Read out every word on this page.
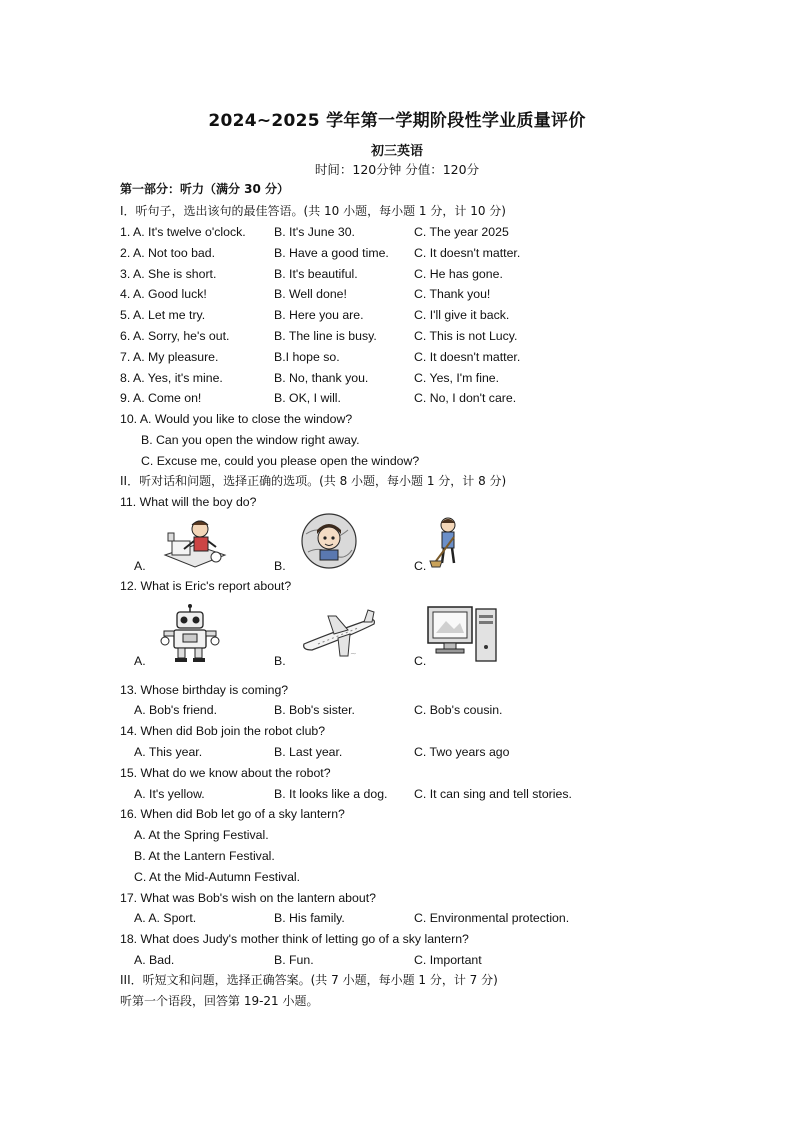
2024~2025 学年第一学期阶段性学业质量评价
初三英语
时间：120分钟 分值：120分
第一部分：听力（满分 30 分）
I．听句子，选出该句的最佳答语。(共 10 小题，每小题 1 分，计 10 分)
1. A. It's twelve o'clock. B. It's June 30.	C. The year 2025
2. A. Not too bad.	B. Have a good time. C. It doesn't matter.
3. A. She is short.	B. It's beautiful.	C. He has gone.
4. A. Good luck!	B. Well done!	C. Thank you!
5. A. Let me try.	B. Here you are.	C. I'll give it back.
6. A. Sorry, he's out.	B. The line is busy.	C. This is not Lucy.
7. A. My pleasure.	B.I hope so.	C. It doesn't matter.
8. A. Yes, it's mine.	B. No, thank you.	C. Yes, I'm fine.
9. A. Come on!	B. OK, I will.	C. No, I don't care.
10. A. Would you like to close the window?
B. Can you open the window right away.
C. Excuse me, could you please open the window?
II．听对话和问题，选择正确的选项。(共 8 小题，每小题 1 分，计 8 分)
11. What will the boy do?
A.	B.	C.
12. What is Eric's report about?
A.	B.	C.
~
13. Whose birthday is coming?
A. Bob's friend.	B. Bob's sister.	C. Bob's cousin.
14. When did Bob join the robot club?
A. This year.	B. Last year.	C. Two years ago
15. What do we know about the robot?
A. It's yellow.	B. It looks like a dog. C. It can sing and tell stories.
16. When did Bob let go of a sky lantern?
A. At the Spring Festival.
B. At the Lantern Festival.
C. At the Mid-Autumn Festival.
17. What was Bob's wish on the lantern about?
A. A. Sport.	B. His family.	C. Environmental protection.
18. What does Judy's mother think of letting go of a sky lantern?
A. Bad.	B. Fun.	C. Important
III．听短文和问题，选择正确答案。(共 7 小题，每小题 1 分，计 7 分)
听第一个语段，回答第 19-21 小题。
